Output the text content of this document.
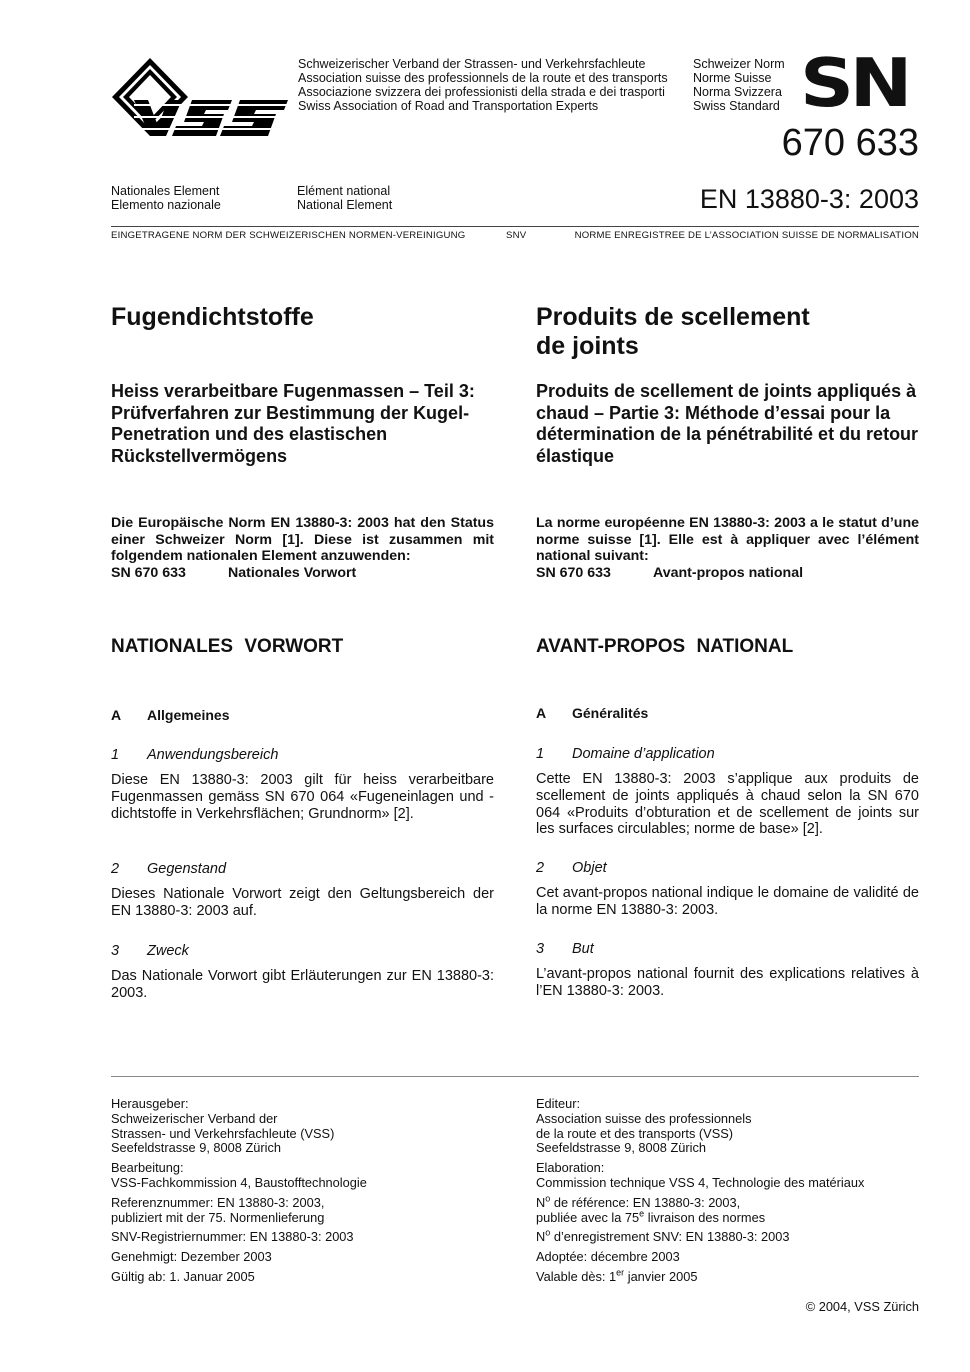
Schweizerischer Verband der Strassen- und Verkehrsfachleute
Association suisse des professionnels de la route et des transports
Associazione svizzera dei professionisti della strada e dei trasporti
Swiss Association of Road and Transportation Experts
Schweizer Norm
Norme Suisse
Norma Svizzera
Swiss Standard SN
670 633
Nationales Element
Elemento nazionale
Elément national
National Element	EN 13880-3: 2003
EINGETRAGENE NORM DER SCHWEIZERISCHEN NORMEN-VEREINIGUNG	SNV	NORME ENREGISTREE DE L’ASSOCIATION SUISSE DE NORMALISATION
Fugendichtstoffe
Heiss verarbeitbare Fugenmassen – Teil 3: Prüfverfahren zur Bestimmung der Kugel-Penetration und des elastischen Rückstellvermögens
Die Europäische Norm EN 13880-3: 2003 hat den Status einer Schweizer Norm [1]. Diese ist zusammen mit folgendem nationalen Element anzuwenden:
SN 670 633	Nationales Vorwort
NATIONALES VORWORT
A Allgemeines
1 Anwendungsbereich
Diese EN 13880-3: 2003 gilt für heiss verarbeitbare Fugenmassen gemäss SN 670 064 «Fugeneinlagen und -dichtstoffe in Verkehrsflächen; Grundnorm» [2].
2 Gegenstand
Dieses Nationale Vorwort zeigt den Geltungsbereich der EN 13880-3: 2003 auf.
3 Zweck
Das Nationale Vorwort gibt Erläuterungen zur EN 13880-3: 2003.
Produits de scellement de joints
Produits de scellement de joints appliqués à chaud – Partie 3: Méthode d’essai pour la détermination de la pénétrabilité et du retour élastique
La norme européenne EN 13880-3: 2003 a le statut d’une norme suisse [1]. Elle est à appliquer avec l’élément national suivant:
SN 670 633	Avant-propos national
AVANT-PROPOS NATIONAL
A Généralités
1 Domaine d’application
Cette EN 13880-3: 2003 s’applique aux produits de scellement de joints appliqués à chaud selon la SN 670 064 «Produits d’obturation et de scellement de joints sur les surfaces circulables; norme de base» [2].
2 Objet
Cet avant-propos national indique le domaine de validité de la norme EN 13880-3: 2003.
3 But
L’avant-propos national fournit des explications relatives à l’EN 13880-3: 2003.

Herausgeber:
Schweizerischer Verband der
Strassen- und Verkehrsfachleute (VSS)
Seefeldstrasse 9, 8008 Zürich

Bearbeitung:
VSS-Fachkommission 4, Baustofftechnologie

Referenznummer: EN 13880-3: 2003,
publiziert mit der 75. Normenlieferung

SNV-Registriernummer: EN 13880-3: 2003

Genehmigt: Dezember 2003

Gültig ab: 1. Januar 2005

Editeur:
Association suisse des professionnels
de la route et des transports (VSS)
Seefeldstrasse 9, 8008 Zürich

Elaboration:
Commission technique VSS 4, Technologie des matériaux

$N^o$ de référence: EN 13880-3: 2003,
publiée avec la 75e livraison des normes

$N^o$ d’enregistrement SNV: EN 13880-3: 2003

Adoptée: décembre 2003

Valable dès: 1er janvier 2005

© 2004, VSS Zürich
